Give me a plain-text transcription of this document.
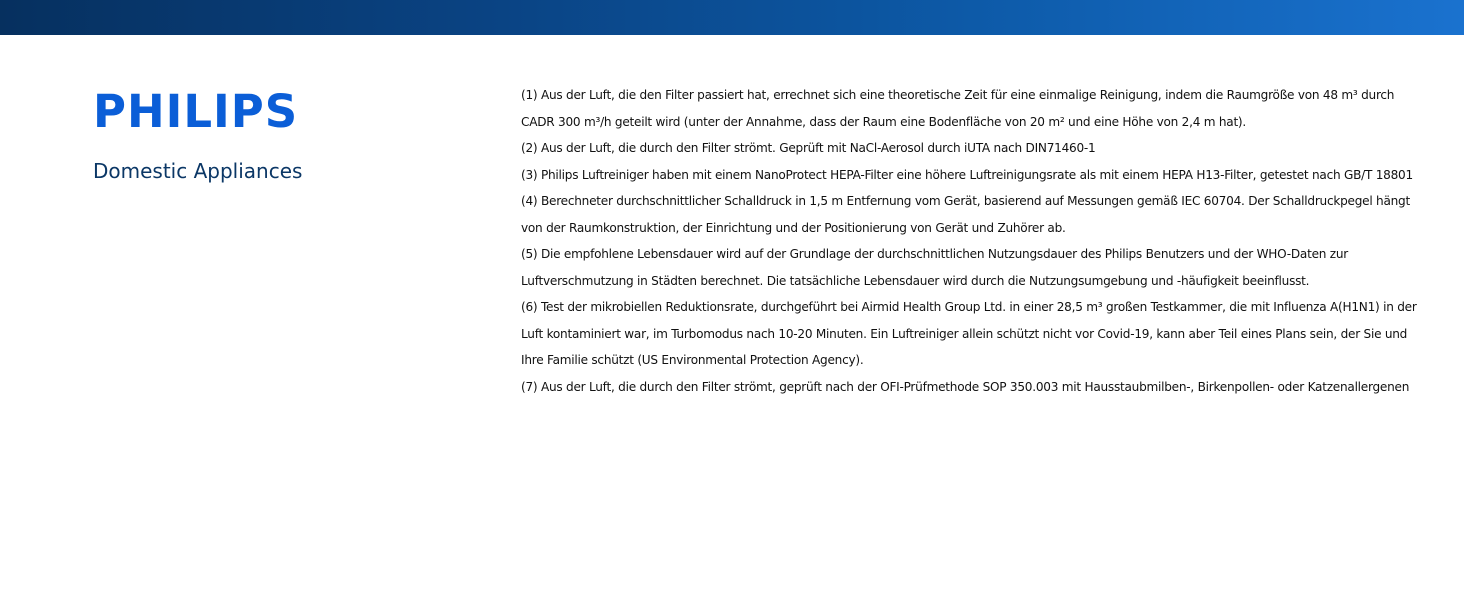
PHILIPS
Domestic Appliances
(1) Aus der Luft, die den Filter passiert hat, errechnet sich eine theoretische Zeit für eine einmalige Reinigung, indem die Raumgröße von 48 m³ durch CADR 300 m³/h geteilt wird (unter der Annahme, dass der Raum eine Bodenfläche von 20 m² und eine Höhe von 2,4 m hat).
(2) Aus der Luft, die durch den Filter strömt. Geprüft mit NaCl-Aerosol durch iUTA nach DIN71460-1
(3) Philips Luftreiniger haben mit einem NanoProtect HEPA-Filter eine höhere Luftreinigungsrate als mit einem HEPA H13-Filter, getestet nach GB/T 18801
(4) Berechneter durchschnittlicher Schalldruck in 1,5 m Entfernung vom Gerät, basierend auf Messungen gemäß IEC 60704. Der Schalldruckpegel hängt von der Raumkonstruktion, der Einrichtung und der Positionierung von Gerät und Zuhörer ab.
(5) Die empfohlene Lebensdauer wird auf der Grundlage der durchschnittlichen Nutzungsdauer des Philips Benutzers und der WHO-Daten zur Luftverschmutzung in Städten berechnet. Die tatsächliche Lebensdauer wird durch die Nutzungsumgebung und -häufigkeit beeinflusst.
(6) Test der mikrobiellen Reduktionsrate, durchgeführt bei Airmid Health Group Ltd. in einer 28,5 m³ großen Testkammer, die mit Influenza A(H1N1) in der Luft kontaminiert war, im Turbomodus nach 10-20 Minuten. Ein Luftreiniger allein schützt nicht vor Covid-19, kann aber Teil eines Plans sein, der Sie und Ihre Familie schützt (US Environmental Protection Agency).
(7) Aus der Luft, die durch den Filter strömt, geprüft nach der OFI-Prüfmethode SOP 350.003 mit Hausstaubmilben-, Birkenpollen- oder Katzenallergenen
